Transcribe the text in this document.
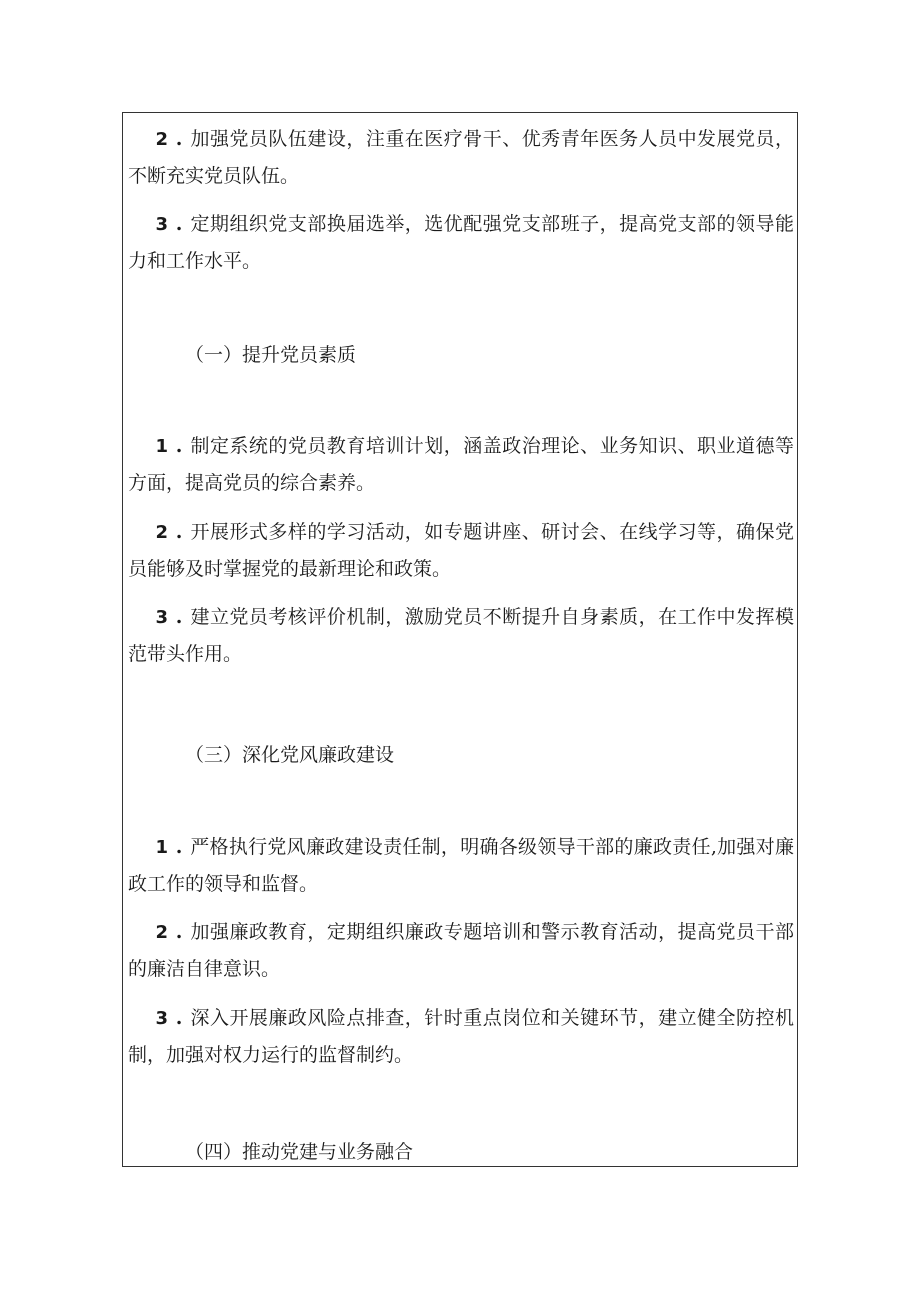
2 . 加强党员队伍建设，注重在医疗骨干、优秀青年医务人员中发展党员，不断充实党员队伍。
3 . 定期组织党支部换届选举，选优配强党支部班子，提高党支部的领导能力和工作水平。
（一）提升党员素质
1 . 制定系统的党员教育培训计划，涵盖政治理论、业务知识、职业道德等方面，提高党员的综合素养。
2 . 开展形式多样的学习活动，如专题讲座、研讨会、在线学习等，确保党员能够及时掌握党的最新理论和政策。
3 . 建立党员考核评价机制，激励党员不断提升自身素质，在工作中发挥模范带头作用。
（三）深化党风廉政建设
1 . 严格执行党风廉政建设责任制，明确各级领导干部的廉政责任,加强对廉政工作的领导和监督。
2 . 加强廉政教育，定期组织廉政专题培训和警示教育活动，提高党员干部的廉洁自律意识。
3 . 深入开展廉政风险点排查，针时重点岗位和关键环节，建立健全防控机制，加强对权力运行的监督制约。
（四）推动党建与业务融合
